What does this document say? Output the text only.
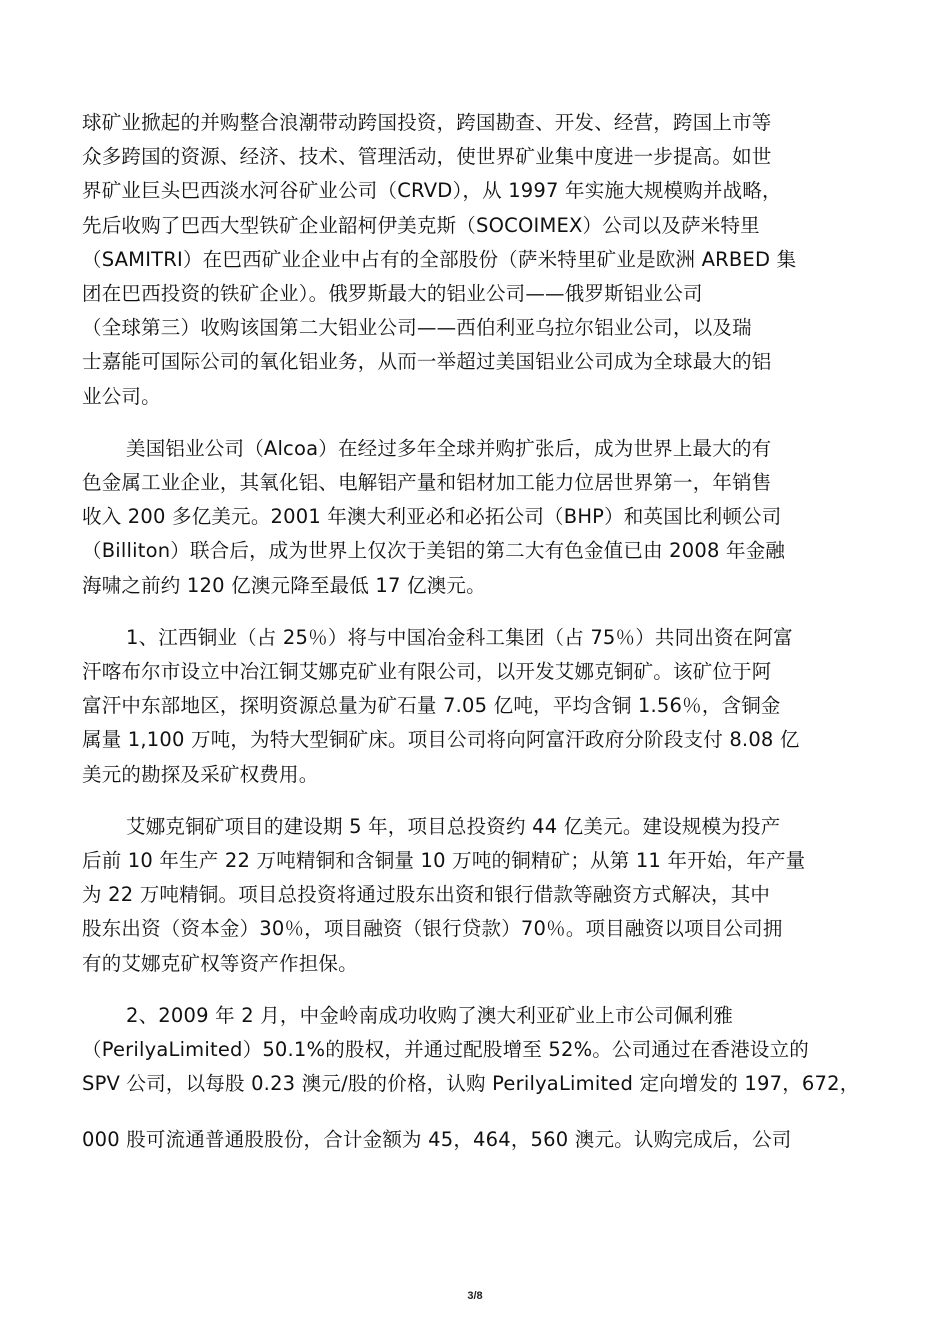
球矿业掀起的并购整合浪潮带动跨国投资，跨国勘查、开发、经营，跨国上市等
众多跨国的资源、经济、技术、管理活动，使世界矿业集中度进一步提高。如世
界矿业巨头巴西淡水河谷矿业公司（CRVD），从 1997 年实施大规模购并战略，
先后收购了巴西大型铁矿企业韶柯伊美克斯（SOCOIMEX）公司以及萨米特里
（SAMITRI）在巴西矿业企业中占有的全部股份（萨米特里矿业是欧洲 ARBED 集
团在巴西投资的铁矿企业）。俄罗斯最大的铝业公司——俄罗斯铝业公司
（全球第三）收购该国第二大铝业公司——西伯利亚乌拉尔铝业公司，以及瑞
士嘉能可国际公司的氧化铝业务，从而一举超过美国铝业公司成为全球最大的铝
业公司。

美国铝业公司（Alcoa）在经过多年全球并购扩张后，成为世界上最大的有
色金属工业企业，其氧化铝、电解铝产量和铝材加工能力位居世界第一，年销售
收入 200 多亿美元。2001 年澳大利亚必和必拓公司（BHP）和英国比利顿公司
（Billiton）联合后，成为世界上仅次于美铝的第二大有色金值已由 2008 年金融
海啸之前约 120 亿澳元降至最低 17 亿澳元。

1、江西铜业（占 25％）将与中国冶金科工集团（占 75％）共同出资在阿富
汗喀布尔市设立中冶江铜艾娜克矿业有限公司，以开发艾娜克铜矿。该矿位于阿
富汗中东部地区，探明资源总量为矿石量 7.05 亿吨，平均含铜 1.56％，含铜金
属量 1,100 万吨，为特大型铜矿床。项目公司将向阿富汗政府分阶段支付 8.08 亿
美元的勘探及采矿权费用。

艾娜克铜矿项目的建设期 5 年，项目总投资约 44 亿美元。建设规模为投产
后前 10 年生产 22 万吨精铜和含铜量 10 万吨的铜精矿；从第 11 年开始，年产量
为 22 万吨精铜。项目总投资将通过股东出资和银行借款等融资方式解决，其中
股东出资（资本金）30％，项目融资（银行贷款）70％。项目融资以项目公司拥
有的艾娜克矿权等资产作担保。

2、2009 年 2 月，中金岭南成功收购了澳大利亚矿业上市公司佩利雅
（PerilyaLimited）50.1%的股权，并通过配股增至 52%。公司通过在香港设立的
SPV 公司，以每股 0.23 澳元/股的价格，认购 PerilyaLimited 定向增发的 197，672，
000 股可流通普通股股份，合计金额为 45，464，560 澳元。认购完成后，公司

3/8
